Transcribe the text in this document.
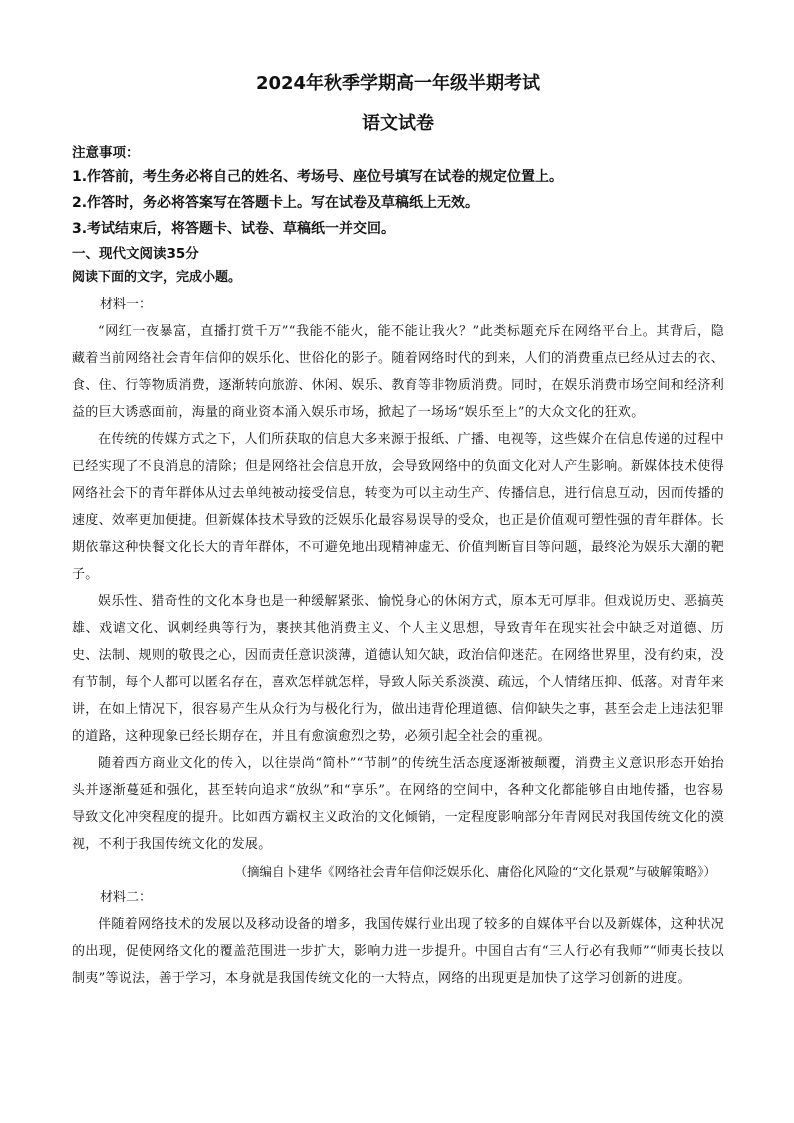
2024年秋季学期高一年级半期考试
语文试卷

注意事项：

1.作答前，考生务必将自己的姓名、考场号、座位号填写在试卷的规定位置上。

2.作答时，务必将答案写在答题卡上。写在试卷及草稿纸上无效。

3.考试结束后，将答题卡、试卷、草稿纸一并交回。

一、现代文阅读35分

阅读下面的文字，完成小题。

材料一：

“网红一夜暴富，直播打赏千万”“我能不能火，能不能让我火？”此类标题充斥在网络平台上。其背后，隐藏着当前网络社会青年信仰的娱乐化、世俗化的影子。随着网络时代的到来，人们的消费重点已经从过去的衣、食、住、行等物质消费，逐渐转向旅游、休闲、娱乐、教育等非物质消费。同时，在娱乐消费市场空间和经济利益的巨大诱惑面前，海量的商业资本涌入娱乐市场，掀起了一场场“娱乐至上”的大众文化的狂欢。

在传统的传媒方式之下，人们所获取的信息大多来源于报纸、广播、电视等，这些媒介在信息传递的过程中已经实现了不良消息的清除；但是网络社会信息开放，会导致网络中的负面文化对人产生影响。新媒体技术使得网络社会下的青年群体从过去单纯被动接受信息，转变为可以主动生产、传播信息，进行信息互动，因而传播的速度、效率更加便捷。但新媒体技术导致的泛娱乐化最容易误导的受众，也正是价值观可塑性强的青年群体。长期依靠这种快餐文化长大的青年群体，不可避免地出现精神虚无、价值判断盲目等问题，最终沦为娱乐大潮的靶子。

娱乐性、猎奇性的文化本身也是一种缓解紧张、愉悦身心的休闲方式，原本无可厚非。但戏说历史、恶搞英雄、戏谑文化、讽刺经典等行为，裹挟其他消费主义、个人主义思想，导致青年在现实社会中缺乏对道德、历史、法制、规则的敬畏之心，因而责任意识淡薄，道德认知欠缺，政治信仰迷茫。在网络世界里，没有约束，没有节制，每个人都可以匿名存在，喜欢怎样就怎样，导致人际关系淡漠、疏远，个人情绪压抑、低落。对青年来讲，在如上情况下，很容易产生从众行为与极化行为，做出违背伦理道德、信仰缺失之事，甚至会走上违法犯罪的道路，这种现象已经长期存在，并且有愈演愈烈之势，必须引起全社会的重视。

随着西方商业文化的传入，以往崇尚“简朴”“节制”的传统生活态度逐渐被颠覆，消费主义意识形态开始抬头并逐渐蔓延和强化，甚至转向追求“放纵”和“享乐”。在网络的空间中，各种文化都能够自由地传播，也容易导致文化冲突程度的提升。比如西方霸权主义政治的文化倾销，一定程度影响部分年青网民对我国传统文化的漠视，不利于我国传统文化的发展。

（摘编自卜建华《网络社会青年信仰泛娱乐化、庸俗化风险的“文化景观”与破解策略》）

材料二：

伴随着网络技术的发展以及移动设备的增多，我国传媒行业出现了较多的自媒体平台以及新媒体，这种状况的出现，促使网络文化的覆盖范围进一步扩大，影响力进一步提升。中国自古有“三人行必有我师”“师夷长技以制夷”等说法，善于学习，本身就是我国传统文化的一大特点，网络的出现更是加快了这学习创新的进度。
